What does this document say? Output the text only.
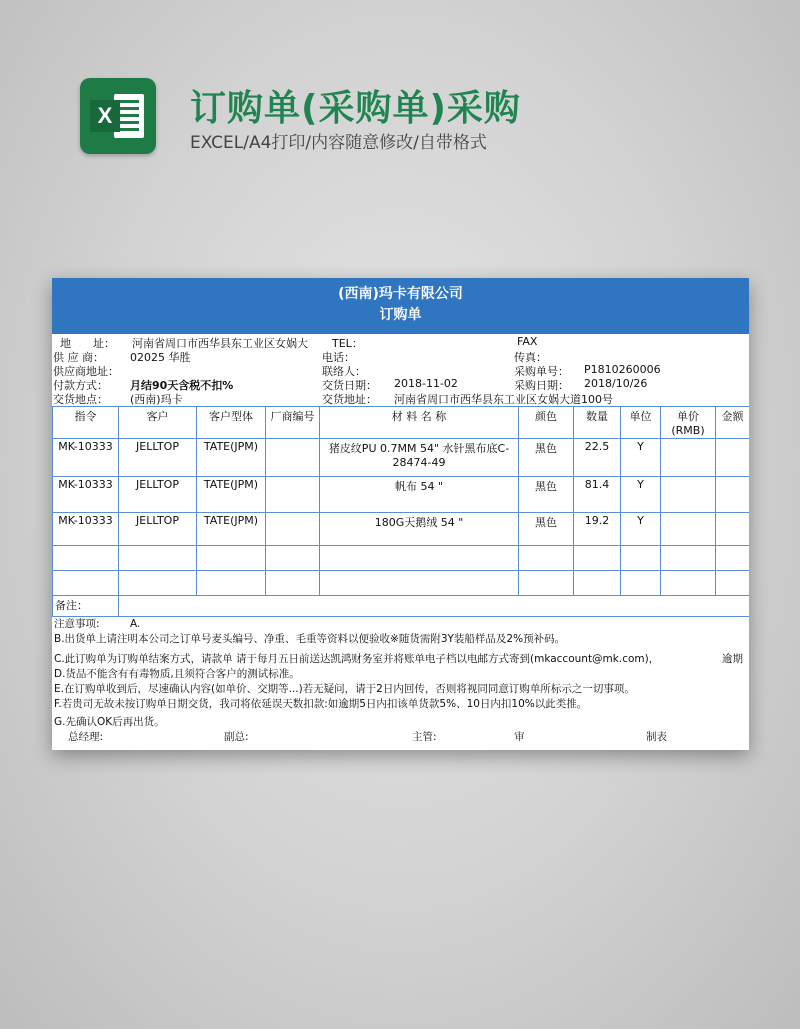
X 订购单(采购单)采购
EXCEL/A4打印/内容随意修改/自带格式
(西南)玛卡有限公司
订购单
地　　址： 河南省周口市西华县东工业区女娲大 TEL：	FAX
供 应 商： 02025 华胜	电话：	传真：
供应商地址：	联络人：	采购单号： P1810260006
付款方式： 月结90天含税不扣%	交货日期： 2018-11-02	采购日期： 2018/10/26
交货地点： (西南)玛卡	交货地址： 河南省周口市西华县东工业区女娲大道100号
指令	客户	客户型体	厂商编号	材 料 名 称	颜色	数量	单位	单价(RMB)	金额
MK-10333	JELLTOP	TATE(JPM)		猪皮纹PU 0.7MM 54" 水针黑布底C-28474-49	黑色	22.5	Y		
MK-10333	JELLTOP	TATE(JPM)		帆布 54 "	黑色	81.4	Y		
MK-10333	JELLTOP	TATE(JPM)		180G天鹅绒 54 "	黑色	19.2	Y		

备注：									
注意事项:	A.
B.出货单上请注明本公司之订单号麦头编号、净重、毛重等资料以便验收※随货需附3Y装船样品及2%预补码。
C.此订购单为订购单结案方式，请款单 请于每月五日前送达凯鸿财务室并将账单电子档以电邮方式寄到(mkaccount@mk.com)，	逾期
D.货品不能含有有毒物质,且须符合客户的测试标准。
E.在订购单收到后，尽速确认内容(如单价、交期等...)若无疑问，请于2日内回传，否则将视同同意订购单所标示之一切事项。
F.若贵司无故未按订购单日期交货，我司将依延误天数扣款:如逾期5日内扣该单货款5%、10日内扣10%以此类推。
G.先确认OK后再出货。
总经理:	副总:	主管:	审	制表
